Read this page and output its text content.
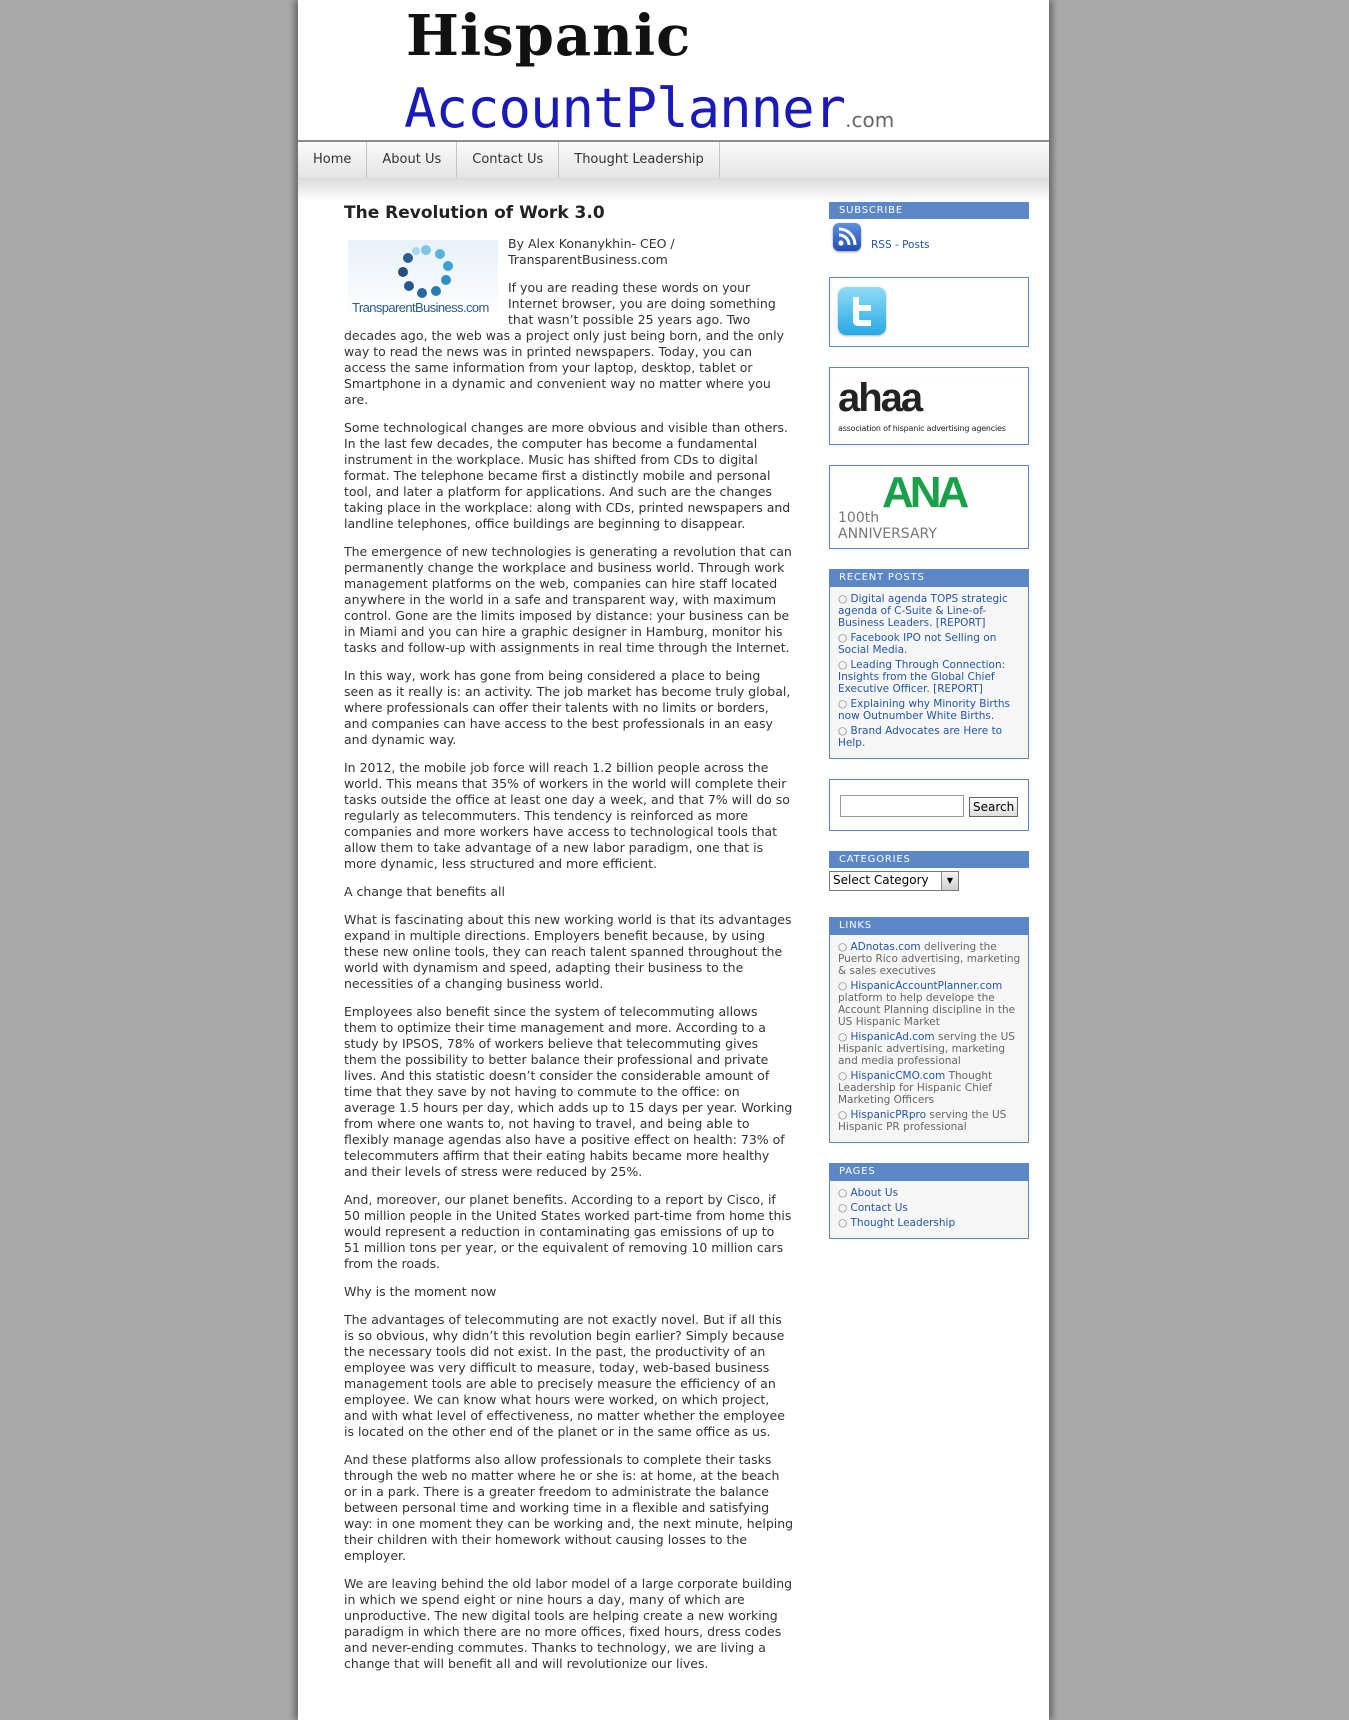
Hispanic
AccountPlanner.com
Home	About Us	Contact Us	Thought Leadership
The Revolution of Work 3.0
TransparentBusiness.com

By Alex Konanykhin- CEO / TransparentBusiness.com

If you are reading these words on your Internet browser, you are doing something that wasn’t possible 25 years ago. Two decades ago, the web was a project only just being born, and the only way to read the news was in printed newspapers. Today, you can access the same information from your laptop, desktop, tablet or Smartphone in a dynamic and convenient way no matter where you are.

Some technological changes are more obvious and visible than others. In the last few decades, the computer has become a fundamental instrument in the workplace. Music has shifted from CDs to digital format. The telephone became first a distinctly mobile and personal tool, and later a platform for applications. And such are the changes taking place in the workplace: along with CDs, printed newspapers and landline telephones, office buildings are beginning to disappear.

The emergence of new technologies is generating a revolution that can permanently change the workplace and business world. Through work management platforms on the web, companies can hire staff located anywhere in the world in a safe and transparent way, with maximum control. Gone are the limits imposed by distance: your business can be in Miami and you can hire a graphic designer in Hamburg, monitor his tasks and follow-up with assignments in real time through the Internet.

In this way, work has gone from being considered a place to being seen as it really is: an activity. The job market has become truly global, where professionals can offer their talents with no limits or borders, and companies can have access to the best professionals in an easy and dynamic way.

In 2012, the mobile job force will reach 1.2 billion people across the world. This means that 35% of workers in the world will complete their tasks outside the office at least one day a week, and that 7% will do so regularly as telecommuters. This tendency is reinforced as more companies and more workers have access to technological tools that allow them to take advantage of a new labor paradigm, one that is more dynamic, less structured and more efficient.

A change that benefits all

What is fascinating about this new working world is that its advantages expand in multiple directions. Employers benefit because, by using these new online tools, they can reach talent spanned throughout the world with dynamism and speed, adapting their business to the necessities of a changing business world.

Employees also benefit since the system of telecommuting allows them to optimize their time management and more. According to a study by IPSOS, 78% of workers believe that telecommuting gives them the possibility to better balance their professional and private lives. And this statistic doesn’t consider the considerable amount of time that they save by not having to commute to the office: on average 1.5 hours per day, which adds up to 15 days per year. Working from where one wants to, not having to travel, and being able to flexibly manage agendas also have a positive effect on health: 73% of telecommuters affirm that their eating habits became more healthy and their levels of stress were reduced by 25%.

And, moreover, our planet benefits. According to a report by Cisco, if 50 million people in the United States worked part-time from home this would represent a reduction in contaminating gas emissions of up to 51 million tons per year, or the equivalent of removing 10 million cars from the roads.

Why is the moment now

The advantages of telecommuting are not exactly novel. But if all this is so obvious, why didn’t this revolution begin earlier? Simply because the necessary tools did not exist. In the past, the productivity of an employee was very difficult to measure, today, web-based business management tools are able to precisely measure the efficiency of an employee. We can know what hours were worked, on which project, and with what level of effectiveness, no matter whether the employee is located on the other end of the planet or in the same office as us.

And these platforms also allow professionals to complete their tasks through the web no matter where he or she is: at home, at the beach or in a park. There is a greater freedom to administrate the balance between personal time and working time in a flexible and satisfying way: in one moment they can be working and, the next minute, helping their children with their homework without causing losses to the employer.

We are leaving behind the old labor model of a large corporate building in which we spend eight or nine hours a day, many of which are unproductive. The new digital tools are helping create a new working paradigm in which there are no more offices, fixed hours, dress codes and never-ending commutes. Thanks to technology, we are living a change that will benefit all and will revolutionize our lives.

SUBSCRIBE
RSS - Posts
ahaa
association of hispanic advertising agencies
ANA
100th
ANNIVERSARY
RECENT POSTS
○ Digital agenda TOPS strategic agenda of C-Suite & Line-of-Business Leaders. [REPORT]
○ Facebook IPO not Selling on Social Media.
○ Leading Through Connection: Insights from the Global Chief Executive Officer. [REPORT]
○ Explaining why Minority Births now Outnumber White Births.
○ Brand Advocates are Here to Help.
Search
CATEGORIES
Select Category	▼
LINKS
○ ADnotas.com delivering the Puerto Rico advertising, marketing & sales executives
○ HispanicAccountPlanner.com platform to help develope the Account Planning discipline in the US Hispanic Market
○ HispanicAd.com serving the US Hispanic advertising, marketing and media professional
○ HispanicCMO.com Thought Leadership for Hispanic Chief Marketing Officers
○ HispanicPRpro serving the US Hispanic PR professional
PAGES
○ About Us
○ Contact Us
○ Thought Leadership
